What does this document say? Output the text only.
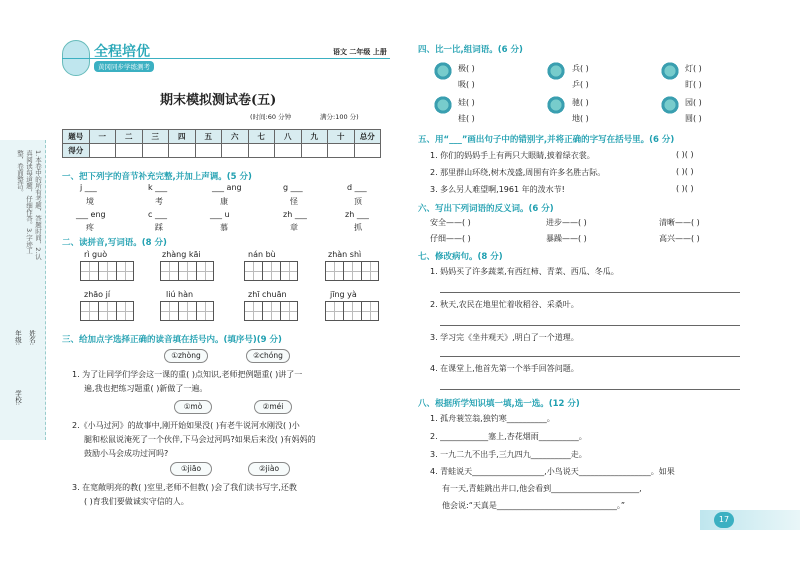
全程培优
黄冈同步学练测考
语文 二年级 上册
期末模拟测试卷(五)
(时间:60 分钟	满分:100 分)
题号	一	二	三	四	五	六	七	八	九	十	总分
得分											
1.本卷中的所有考题，答题时间，2.认真阅读每道题，仔细作答。3.字迹工整，卷面整洁。
学校:
年级: 姓名:
一、把下列字的音节补充完整,并加上声调。(5 分)
j ___	k ___	___ ang	g ___	d ___
境	考	康	怪	顶
___ eng	c ___	___ u	zh ___	zh ___
疼	踩	慕	章	抓
二、读拼音,写词语。(8 分)
rì guò	zhàng kāi	nán bù	zhàn shì
zhāo jí	liú hàn	zhī chuān	jīng yà
三、给加点字选择正确的读音填在括号内。(填序号)(9 分)
①zhòng	②chóng
1. 为了让同学们学会这一课的重( )点知识,老师把例题重( )讲了一
遍,我也把练习题重( )新做了一遍。
①mò	②méi
2.《小马过河》的故事中,刚开始如果没( )有老牛说河水刚没( )小
腿和松鼠说淹死了一个伙伴,下马会过河吗?如果后来没( )有妈妈的
鼓励小马会成功过河吗?
①jiāo	②jiào
3. 在宽敞明亮的教( )室里,老师不但教( )会了我们读书写字,还教
( )育我们要做诚实守信的人。
四、比一比,组词语。(6 分)
极( )	兵( )	灯( )
吸( )	乒( )	盯( )
娃( )	驰( )	园( )
桂( )	地( )	圆( )
五、用“___”画出句子中的错别字,并将正确的字写在括号里。(6 分)
1. 你们的妈妈手上有两只大眼睛,披着绿衣裳。
2. 那里群山环绕,树木茂盛,周围有许多名胜古际。
3. 多么另人难望啊,1961 年的泼水节!
( )( )
( )( )
( )( )
六、写出下列词语的反义词。(6 分)
安全——( )	进步——( )	清晰——( )
仔细——( )	暴躁——( )	高兴——( )
七、修改病句。(8 分)
1. 妈妈买了许多蔬菜,有西红柿、青菜、西瓜、冬瓜。
2. 秋天,农民在地里忙着收稻谷、采桑叶。
3. 学习完《坐井观天》,明白了一个道理。
4. 在课堂上,他首先第一个举手回答问题。
八、根据所学知识填一填,选一选。(12 分)
1. 孤舟蓑笠翁,独钓寒__________。
2. ____________塞上,杏花烟雨__________。
3. 一九二九不出手,三九四九__________走。
4. 青蛙说天__________________,小鸟说天__________________。如果
有一天,青蛙跳出井口,他会看到______________________,
他会说:“天真是______________________________。”
17
